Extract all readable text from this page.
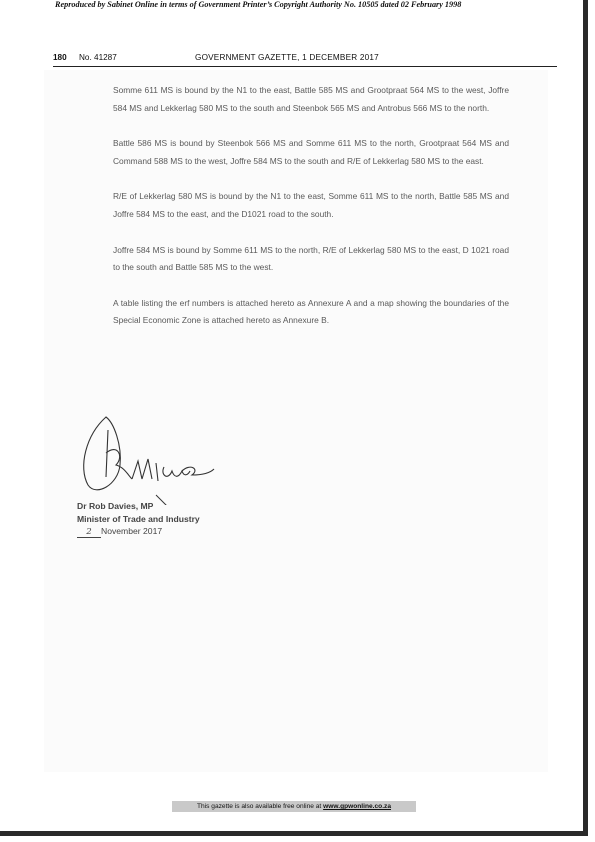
Reproduced by Sabinet Online in terms of Government Printer’s Copyright Authority No. 10505 dated 02 February 1998
180 No. 41287	GOVERNMENT GAZETTE, 1 DECEMBER 2017

Somme 611 MS is bound by the N1 to the east, Battle 585 MS and Grootpraat 564 MS to the west, Joffre 584 MS and Lekkerlag 580 MS to the south and Steenbok 565 MS and Antrobus 566 MS to the north.

Battle 586 MS is bound by Steenbok 566 MS and Somme 611 MS to the north, Grootpraat 564 MS and Command 588 MS to the west, Joffre 584 MS to the south and R/E of Lekkerlag 580 MS to the east.

R/E of Lekkerlag 580 MS is bound by the N1 to the east, Somme 611 MS to the north, Battle 585 MS and Joffre 584 MS to the east, and the D1021 road to the south.

Joffre 584 MS is bound by Somme 611 MS to the north, R/E of Lekkerlag 580 MS to the east, D 1021 road to the south and Battle 585 MS to the west.

A table listing the erf numbers is attached hereto as Annexure A and a map showing the boundaries of the Special Economic Zone is attached hereto as Annexure B.

Dr Rob Davies, MP
Minister of Trade and Industry
2 November 2017
This gazette is also available free online at www.gpwonline.co.za
